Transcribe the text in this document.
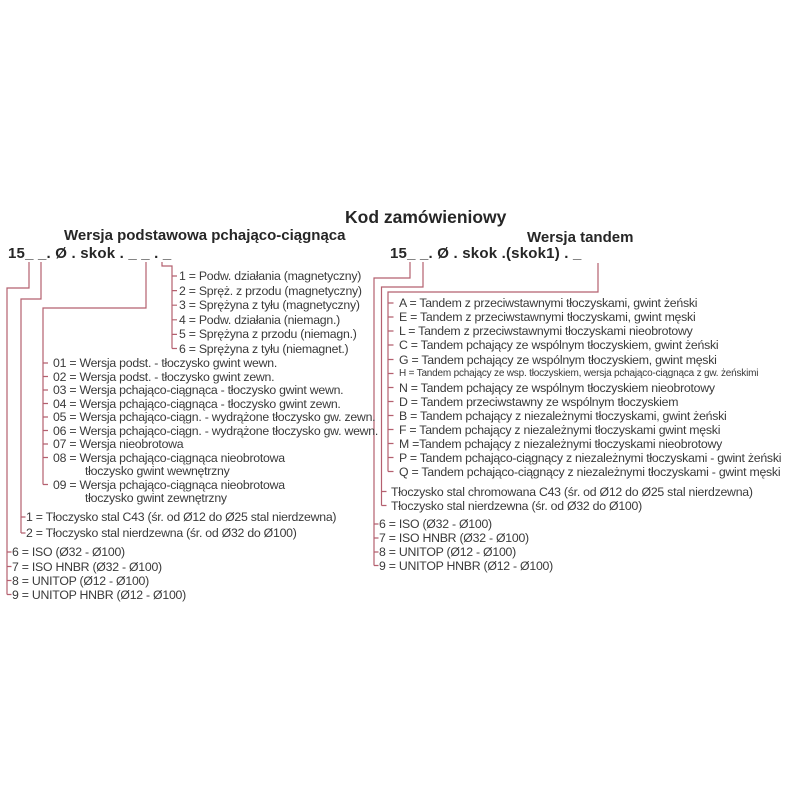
Kod zamówieniowy
Wersja podstawowa pchająco-ciągnąca
15_ _. Ø . skok . _ _ . _
Wersja tandem
15_ _. Ø . skok .(skok1) . _
1 = Podw. działania (magnetyczny)
2 = Spręż. z przodu (magnetyczny)
3 = Sprężyna z tyłu (magnetyczny)
4 = Podw. działania (niemagn.)
5 = Sprężyna z przodu (niemagn.)
6 = Sprężyna z tyłu (niemagnet.)
01 = Wersja podst. - tłoczysko gwint wewn.
02 = Wersja podst. - tłoczysko gwint zewn.
03 = Wersja pchająco-ciągnąca - tłoczysko gwint wewn.
04 = Wersja pchająco-ciągnąca - tłoczysko gwint zewn.
05 = Wersja pchająco-ciągn. - wydrążone tłoczysko gw. zewn.
06 = Wersja pchająco-ciągn. - wydrążone tłoczysko gw. wewn.
07 = Wersja nieobrotowa
08 = Wersja pchająco-ciągnąca nieobrotowa
tłoczysko gwint wewnętrzny
09 = Wersja pchająco-ciągnąca nieobrotowa
tłoczysko gwint zewnętrzny
1 = Tłoczysko stal C43 (śr. od Ø12 do Ø25 stal nierdzewna)
2 = Tłoczysko stal nierdzewna (śr. od Ø32 do Ø100)
6 = ISO (Ø32 - Ø100)
7 = ISO HNBR (Ø32 - Ø100)
8 = UNITOP (Ø12 - Ø100)
9 = UNITOP HNBR (Ø12 - Ø100)
A = Tandem z przeciwstawnymi tłoczyskami, gwint żeński
E = Tandem z przeciwstawnymi tłoczyskami, gwint męski
L = Tandem z przeciwstawnymi tłoczyskami nieobrotowy
C = Tandem pchający ze wspólnym tłoczyskiem, gwint żeński
G = Tandem pchający ze wspólnym tłoczyskiem, gwint męski
H = Tandem pchający ze wsp. tłoczyskiem, wersja pchająco-ciągnąca z gw. żeńskimi
N = Tandem pchający ze wspólnym tłoczyskiem nieobrotowy
D = Tandem przeciwstawny ze wspólnym tłoczyskiem
B = Tandem pchający z niezależnymi tłoczyskami, gwint żeński
F = Tandem pchający z niezależnymi tłoczyskami gwint męski
M =Tandem pchający z niezależnymi tłoczyskami nieobrotowy
P = Tandem pchająco-ciągnący z niezależnymi tłoczyskami - gwint żeński
Q = Tandem pchająco-ciągnący z niezależnymi tłoczyskami - gwint męski
Tłoczysko stal chromowana C43 (śr. od Ø12 do Ø25 stal nierdzewna)
Tłoczysko stal nierdzewna (śr. od Ø32 do Ø100)
6 = ISO (Ø32 - Ø100)
7 = ISO HNBR (Ø32 - Ø100)
8 = UNITOP (Ø12 - Ø100)
9 = UNITOP HNBR (Ø12 - Ø100)
